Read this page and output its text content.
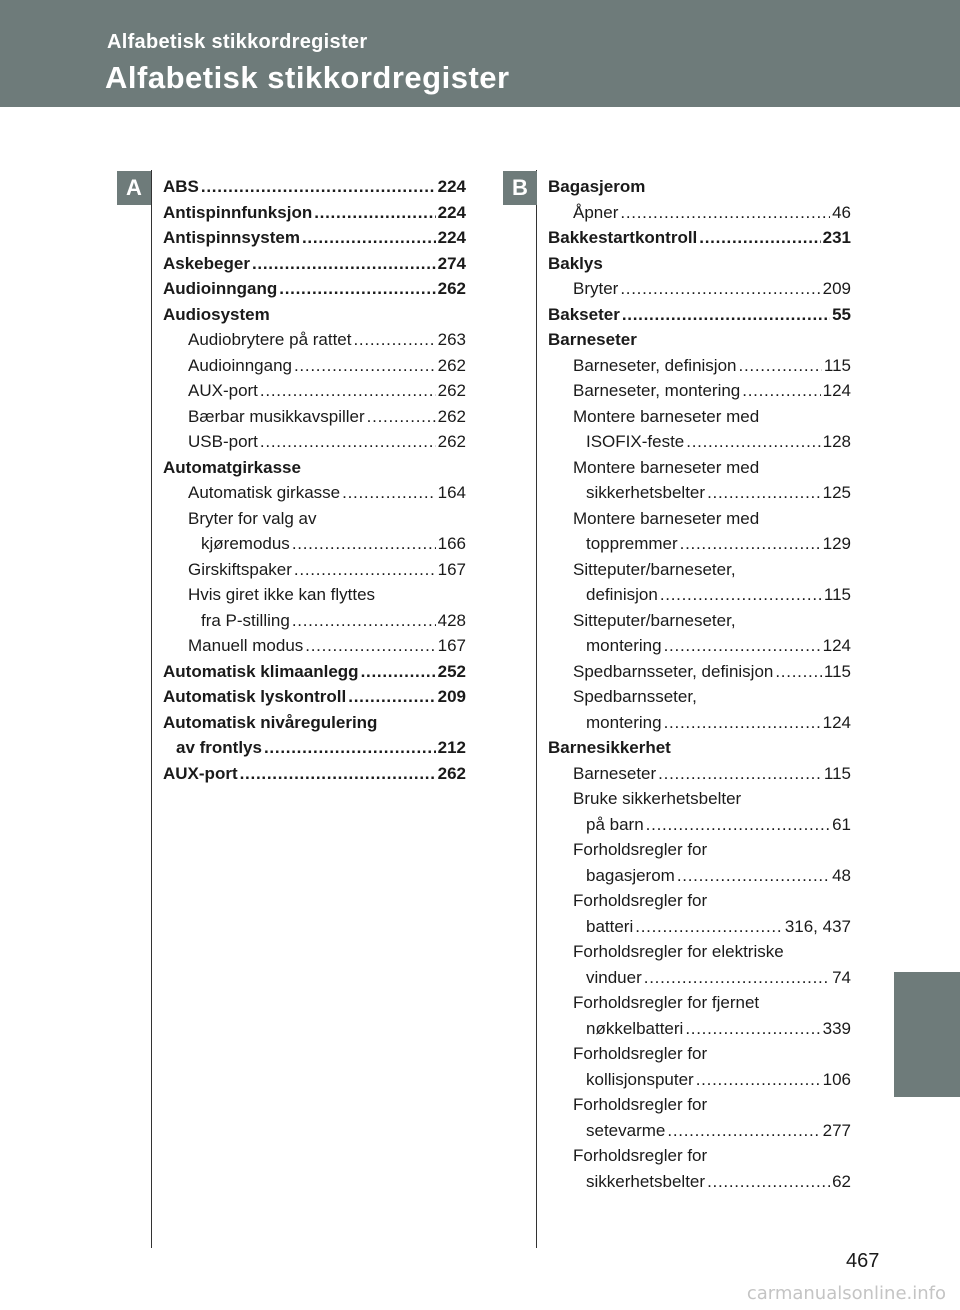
Alfabetisk stikkordregister
Alfabetisk stikkordregister
A	B
ABS . . .	224
Antispinnfunksjon . . .	224
Antispinnsystem . . .	224
Askebeger . . .	274
Audioinngang . . .	262
Audiosystem
Audiobrytere på rattet . . .	263
Audioinngang . . .	262
AUX-port . . .	262
Bærbar musikkavspiller . . .	262
USB-port . . .	262
Automatgirkasse
Automatisk girkasse . . .	164
Bryter for valg av
kjøremodus . . .	166
Girskiftspaker . . .	167
Hvis giret ikke kan flyttes
fra P-stilling . . .	428
Manuell modus . . .	167
Automatisk klimaanlegg . . .	252
Automatisk lyskontroll . . .	209
Automatisk nivåregulering
av frontlys . . .	212
AUX-port . . .	262
Bagasjerom
Åpner . . .	46
Bakkestartkontroll . . .	231
Baklys
Bryter . . .	209
Bakseter . . .	55
Barneseter
Barneseter, definisjon . . .	115
Barneseter, montering . . .	124
Montere barneseter med
ISOFIX-feste . . .	128
Montere barneseter med
sikkerhetsbelter . . .	125
Montere barneseter med
toppremmer . . .	129
Sitteputer/barneseter,
definisjon . . .	115
Sitteputer/barneseter,
montering . . .	124
Spedbarnsseter, definisjon . . .	115
Spedbarnsseter,
montering . . .	124
Barnesikkerhet
Barneseter . . .	115
Bruke sikkerhetsbelter
på barn . . .	61
Forholdsregler for
bagasjerom . . .	48
Forholdsregler for
batteri . . .	316, 437
Forholdsregler for elektriske
vinduer . . .	74
Forholdsregler for fjernet
nøkkelbatteri . . .	339
Forholdsregler for
kollisjonsputer . . .	106
Forholdsregler for
setevarme . . .	277
Forholdsregler for
sikkerhetsbelter . . .	62
467
carmanualsonline.info
